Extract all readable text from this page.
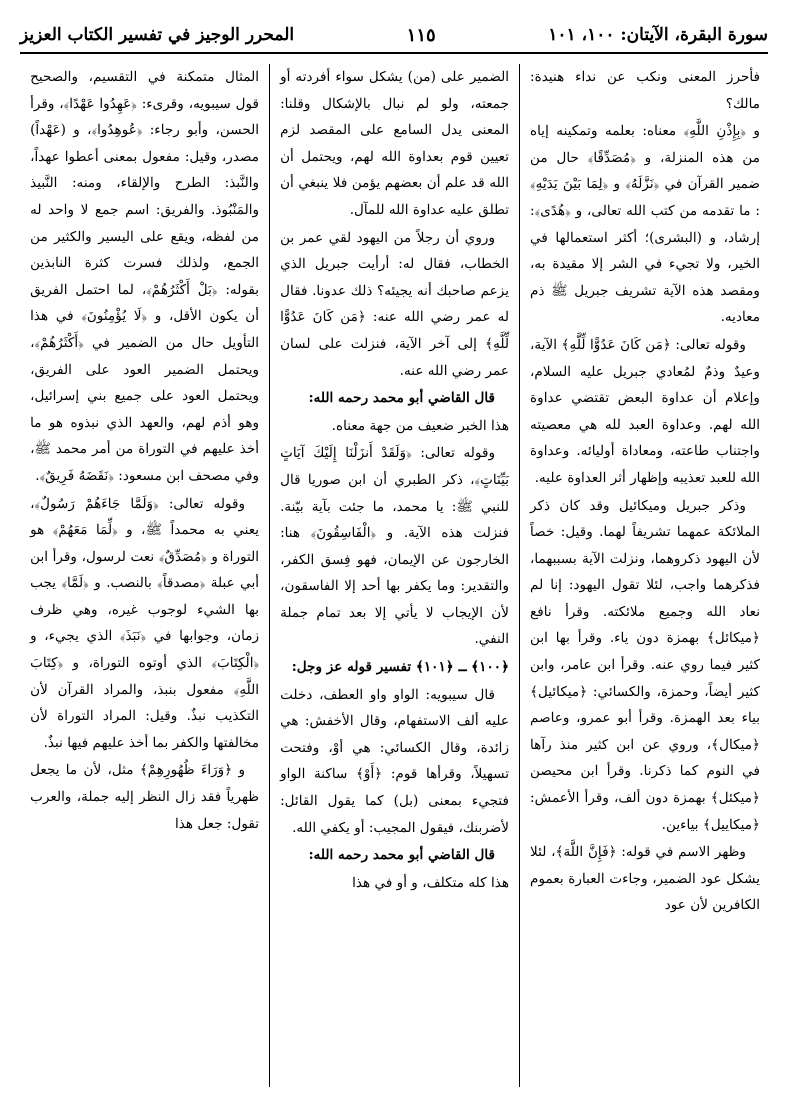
سورة البقرة، الآيتان: ١٠٠، ١٠١
١١٥
المحرر الوجيز في تفسير الكتاب العزيز

فأحرز المعنى ونكب عن نداء هنيدة: مالك؟

و ﴿بِإِذْنِ اللَّهِ﴾ معناه: بعلمه وتمكينه إياه من هذه المنزلة، و ﴿مُصَدِّقًا﴾ حال من ضمير القرآن في ﴿نَزَّلَهُ﴾ و ﴿لِمَا بَيْنَ يَدَيْهِ﴾ : ما تقدمه من كتب الله تعالى، و ﴿هُدًى﴾: إرشاد، و (البشرى)؛ أكثر استعمالها في الخير، ولا تجيء في الشر إلا مقيدة به، ومقصد هذه الآية تشريف جبريل ﷺ ذم معاديه.

وقوله تعالى: ﴿مَن كَانَ عَدُوًّا لِّلَّهِ﴾ الآية، وعيدٌ وذمٌ لمُعادي جبريل عليه السلام، وإعلام أن عداوة البعض تقتضي عداوة الله لهم. وعداوة العبد لله هي معصيته واجتناب طاعته، ومعاداة أوليائه. وعداوة الله للعبد تعذيبه وإظهار أثر العداوة عليه.

وذكر جبريل وميكائيل وقد كان ذكر الملائكة عمهما تشريفاً لهما. وقيل: خصاً لأن اليهود ذكروهما، ونزلت الآية بسببهما، فذكرهما واجب، لئلا تقول اليهود: إنا لم نعاد الله وجميع ملائكته. وقرأ نافع ﴿ميكائل﴾ بهمزة دون ياء. وقرأ بها ابن كثير فيما روي عنه. وقرأ ابن عامر، وابن كثير أيضاً، وحمزة، والكسائي: ﴿ميكائيل﴾ بياء بعد الهمزة. وقرأ أبو عمرو، وعاصم ﴿ميكال﴾، وروي عن ابن كثير منذ رآها في النوم كما ذكرنا. وقرأ ابن محيصن ﴿ميكئل﴾ بهمزة دون ألف، وقرأ الأعمش: ﴿ميكاييل﴾ بياءين.

وظهر الاسم في قوله: ﴿فَإِنَّ اللَّهَ﴾، لئلا يشكل عود الضمير، وجاءت العبارة بعموم الكافرين لأن عود

الضمير على (من) يشكل سواء أفردته أو جمعته، ولو لم نبال بالإشكال وقلنا: المعنى يدل السامع على المقصد لزم تعيين قوم بعداوة الله لهم، ويحتمل أن الله قد علم أن بعضهم يؤمن فلا ينبغي أن تطلق عليه عداوة الله للمآل.

وروي أن رجلاً من اليهود لقي عمر بن الخطاب، فقال له: أرأيت جبريل الذي يزعم صاحبك أنه يجيئه؟ ذلك عدونا. فقال له عمر رضي الله عنه: ﴿مَن كَانَ عَدُوًّا لِّلَّهِ﴾ إلى آخر الآية، فنزلت على لسان عمر رضي الله عنه.

قال القاضي أبو محمد رحمه الله:

هذا الخبر ضعيف من جهة معناه.

وقوله تعالى: ﴿وَلَقَدْ أَنزَلْنَا إِلَيْكَ آيَاتٍ بَيِّنَاتٍ﴾، ذكر الطبري أن ابن صوريا قال للنبي ﷺ: يا محمد، ما جئت بآية بيّنة. فنزلت هذه الآية. و ﴿الْفَاسِقُونَ﴾ هنا: الخارجون عن الإيمان، فهو فِسق الكفر، والتقدير: وما يكفر بها أحد إلا الفاسقون، لأن الإيجاب لا يأتي إلا بعد تمام جملة النفي.

﴿١٠٠﴾ ـ ﴿١٠١﴾ تفسير قوله عز وجل:

قال سيبويه: الواو واو العطف، دخلت عليه ألف الاستفهام، وقال الأخفش: هي زائدة، وقال الكسائي: هي أوْ، وفتحت تسهيلاً، وقرأها قوم: ﴿أَوْ﴾ ساكنة الواو فتجيء بمعنى (بل) كما يقول القائل: لأضربنك، فيقول المجيب: أو يكفي الله.

قال القاضي أبو محمد رحمه الله:

هذا كله متكلف، و أو في هذا

المثال متمكنة في التقسيم، والصحيح قول سيبويه، وقرىء: ﴿عَهِدُوا عَهْدًا﴾، وقرأ الحسن، وأبو رجاء: ﴿عُوهِدُوا﴾، و (عَهْداً) مصدر، وقيل: مفعول بمعنى أعطوا عهداً، والنَّبذ: الطرح والإلقاء، ومنه: النَّبيذ والمَنْبُوذ. والفريق: اسم جمع لا واحد له من لفظه، ويقع على اليسير والكثير من الجمع، ولذلك فسرت كثرة النابذين بقوله: ﴿بَلْ أَكْثَرُهُمْ﴾، لما احتمل الفريق أن يكون الأقل، و ﴿لَا يُؤْمِنُونَ﴾ في هذا التأويل حال من الضمير في ﴿أَكْثَرُهُمْ﴾، ويحتمل الضمير العود على الفريق، ويحتمل العود على جميع بني إسرائيل، وهو أذم لهم، والعهد الذي نبذوه هو ما أخذ عليهم في التوراة من أمر محمد ﷺ، وفي مصحف ابن مسعود: ﴿نَقَضَهُ فَرِيقٌ﴾.

وقوله تعالى: ﴿وَلَمَّا جَاءَهُمْ رَسُولٌ﴾، يعني به محمداً ﷺ، و ﴿لِّمَا مَعَهُمْ﴾ هو التوراة و ﴿مُصَدِّقٌ﴾ نعت لرسول، وقرأ ابن أبي عبلة ﴿مصدقاً﴾ بالنصب. و ﴿لَمَّا﴾ يجب بها الشيء لوجوب غيره، وهي ظرف زمان، وجوابها في ﴿نَبَذَ﴾ الذي يجيء، و ﴿الْكِتَابَ﴾ الذي أوتوه التوراة، و ﴿كِتَابَ اللَّهِ﴾ مفعول بنبذ، والمراد القرآن لأن التكذيب نبذٌ. وقيل: المراد التوراة لأن مخالفتها والكفر بما أخذ عليهم فيها نبذٌ.

و ﴿وَرَاءَ ظُهُورِهِمْ﴾ مثل، لأن ما يجعل ظهرياً فقد زال النظر إليه جملة، والعرب تقول: جعل هذا
